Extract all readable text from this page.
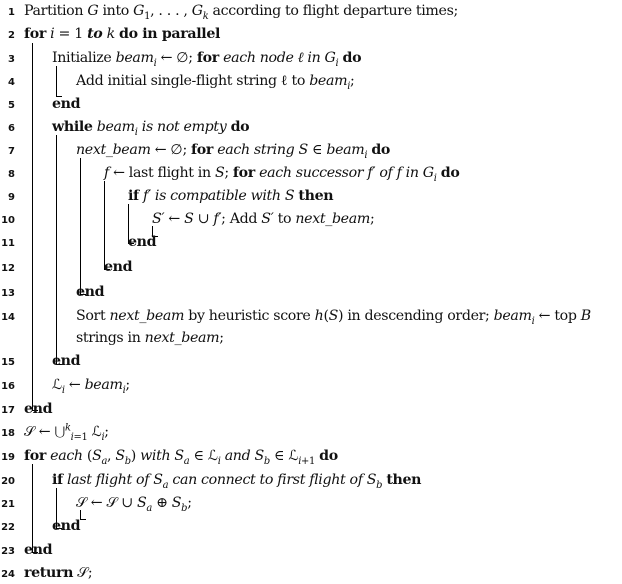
1 Partition G into $G_1$, . . . , $G_k$ according to flight departure times;
2 for i = 1 to k do in parallel
3	Initialize beam$_i$ ← ∅; for each node ℓ in $G_i$ do
4	Add initial single-flight string ℓ to beam$_i$;
5	end
6	while beam$_i$ is not empty do
7	next_beam ← ∅; for each string S ∈ beam$_i$ do
8	f ← last flight in S; for each successor f′ of f in $G_i$ do
9	if f′ is compatible with S then
10	S′ ← S ∪ f′; Add S′ to next_beam;
11	end
12	end
13	end
14	Sort next_beam by heuristic score h(S) in descending order; beam$_i$ ← top B
strings in next_beam;
15	end
16	ℒ$_i$ ← beam$_i$;
17 end
18 𝒮 ← ⋃$^k_{i=1}$ ℒ$_i$;
19 for each ($S_a$, $S_b$) with $S_a$ ∈ ℒ$_i$ and $S_b$ ∈ ℒ$_{i+1}$ do
20	if last flight of $S_a$ can connect to first flight of $S_b$ then
21	𝒮 ← 𝒮 ∪ $S_a$ ⊕ $S_b$;
22	end
23 end
24 return 𝒮;
